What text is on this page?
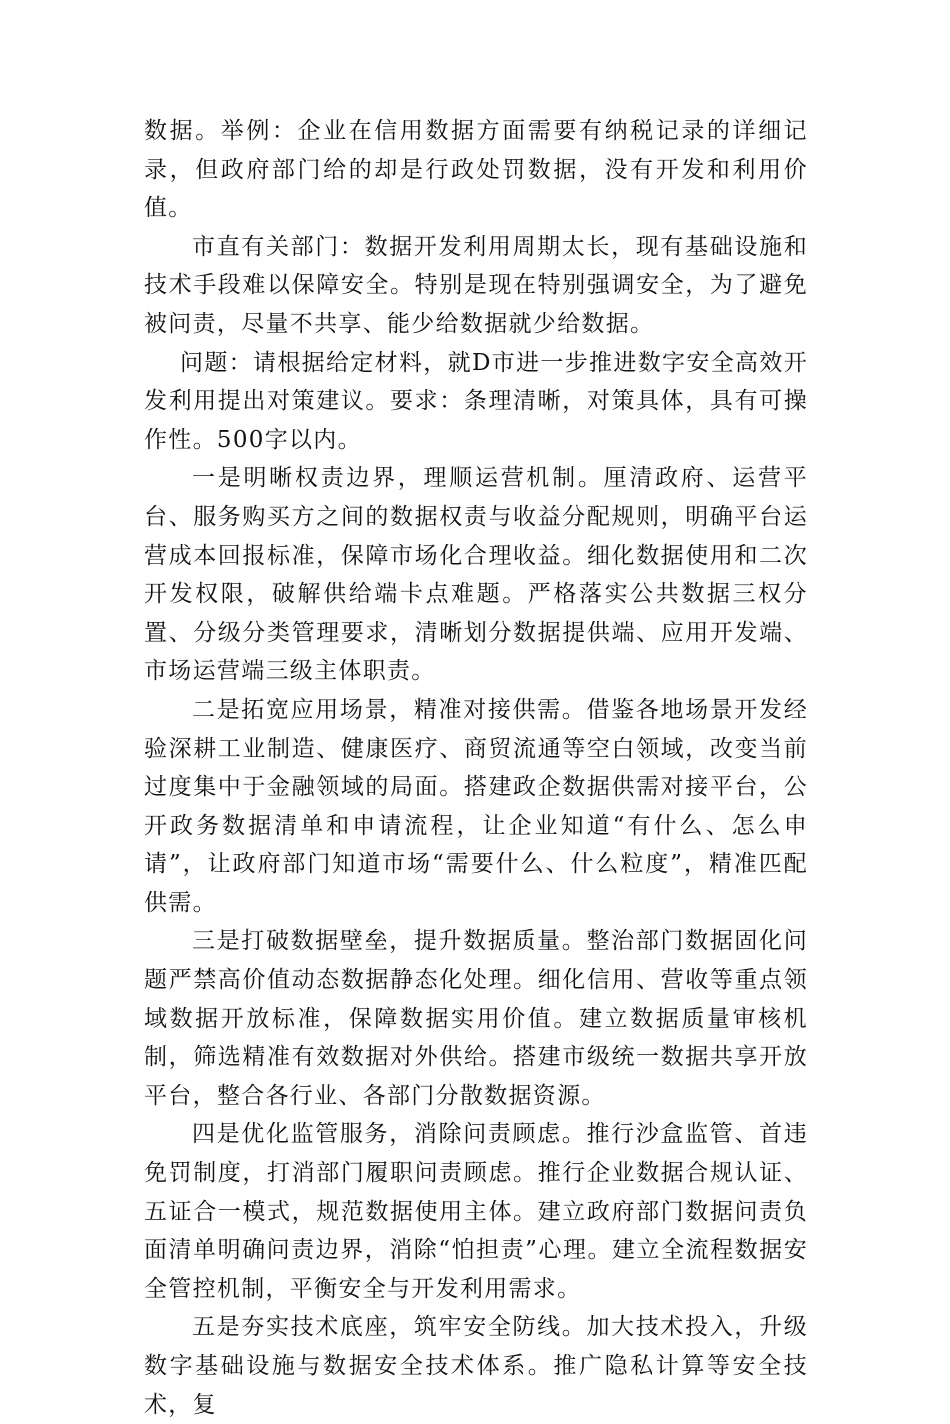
数据。举例：企业在信用数据方面需要有纳税记录的详细记录，但政府部门给的却是行政处罚数据，没有开发和利用价值。

市直有关部门：数据开发利用周期太长，现有基础设施和技术手段难以保障安全。特别是现在特别强调安全，为了避免被问责，尽量不共享、能少给数据就少给数据。

问题：请根据给定材料，就D市进一步推进数字安全高效开发利用提出对策建议。要求：条理清晰，对策具体，具有可操作性。500字以内。

一是明晰权责边界，理顺运营机制。厘清政府、运营平台、服务购买方之间的数据权责与收益分配规则，明确平台运营成本回报标准，保障市场化合理收益。细化数据使用和二次开发权限，破解供给端卡点难题。严格落实公共数据三权分置、分级分类管理要求，清晰划分数据提供端、应用开发端、市场运营端三级主体职责。

二是拓宽应用场景，精准对接供需。借鉴各地场景开发经验深耕工业制造、健康医疗、商贸流通等空白领域，改变当前过度集中于金融领域的局面。搭建政企数据供需对接平台，公开政务数据清单和申请流程，让企业知道“有什么、怎么申请”，让政府部门知道市场“需要什么、什么粒度”，精准匹配供需。

三是打破数据壁垒，提升数据质量。整治部门数据固化问题严禁高价值动态数据静态化处理。细化信用、营收等重点领域数据开放标准，保障数据实用价值。建立数据质量审核机制，筛选精准有效数据对外供给。搭建市级统一数据共享开放平台，整合各行业、各部门分散数据资源。

四是优化监管服务，消除问责顾虑。推行沙盒监管、首违免罚制度，打消部门履职问责顾虑。推行企业数据合规认证、五证合一模式，规范数据使用主体。建立政府部门数据问责负面清单明确问责边界，消除“怕担责”心理。建立全流程数据安全管控机制，平衡安全与开发利用需求。

五是夯实技术底座，筑牢安全防线。加大技术投入，升级数字基础设施与数据安全技术体系。推广隐私计算等安全技术，复
